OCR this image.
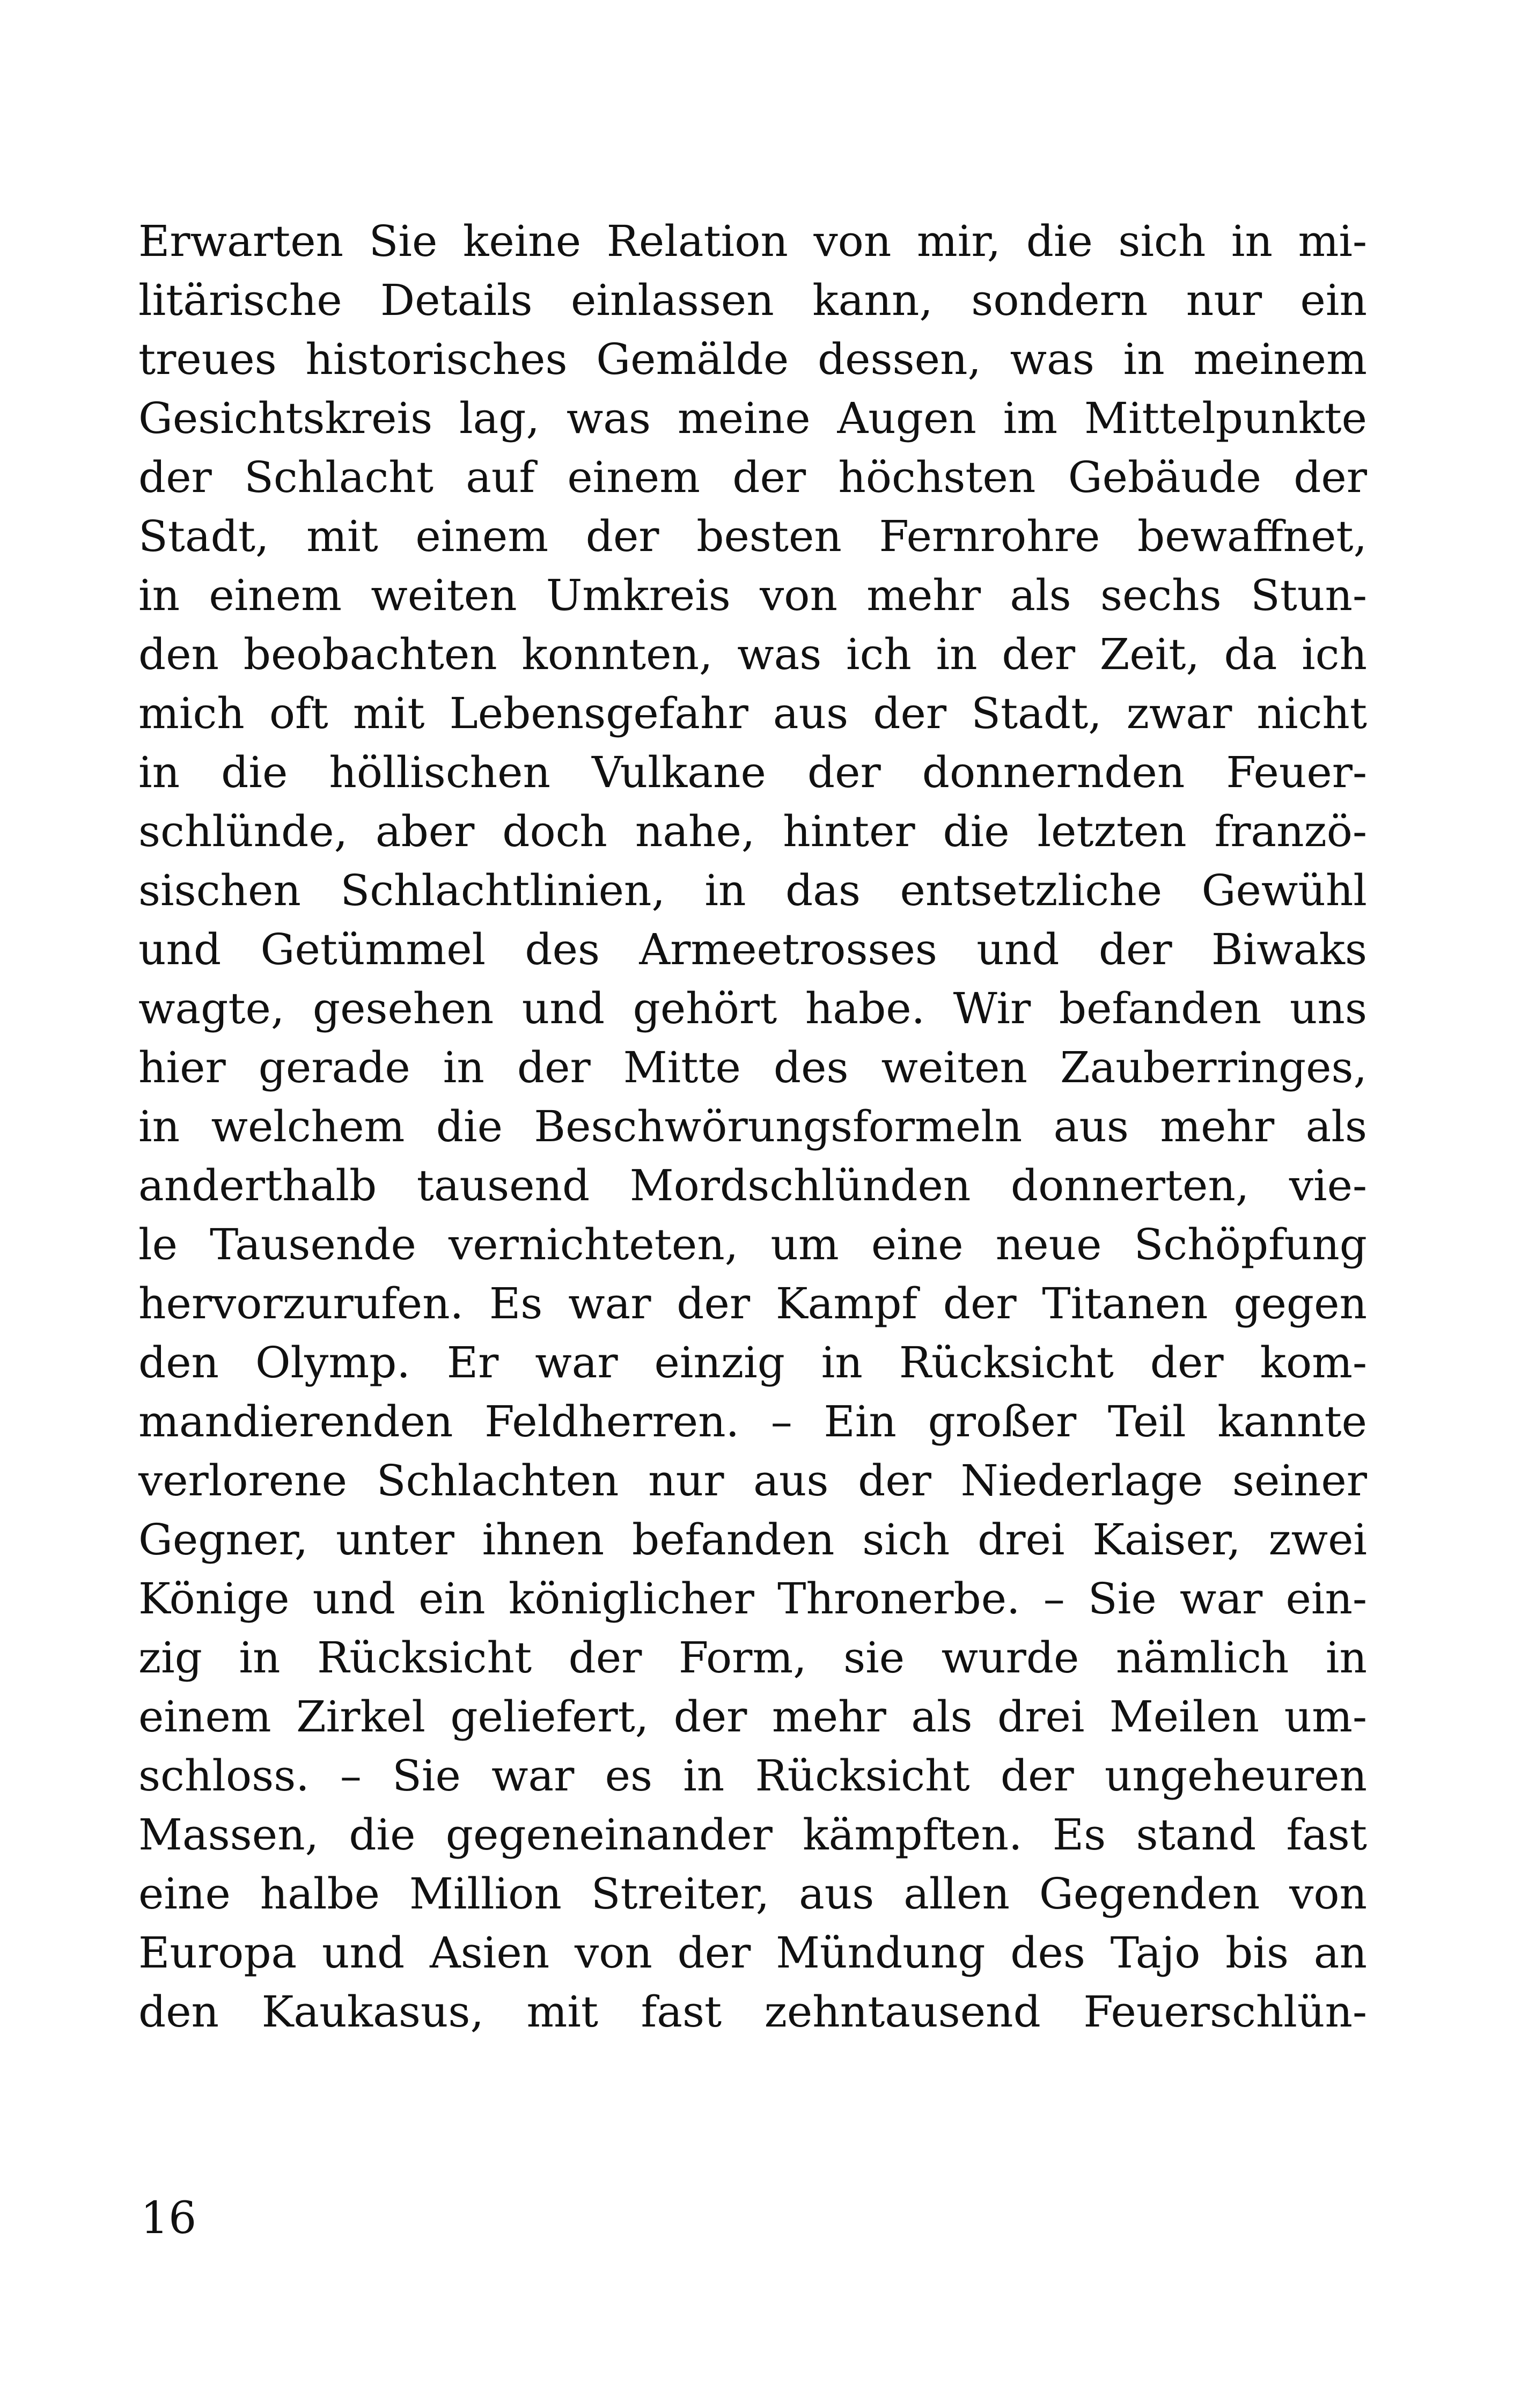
Erwarten Sie keine Relation von mir, die sich in mi-
litärische Details einlassen kann, sondern nur ein
treues historisches Gemälde dessen, was in meinem
Gesichtskreis lag, was meine Augen im Mittelpunkte
der Schlacht auf einem der höchsten Gebäude der
Stadt, mit einem der besten Fernrohre bewaffnet,
in einem weiten Umkreis von mehr als sechs Stun-
den beobachten konnten, was ich in der Zeit, da ich
mich oft mit Lebensgefahr aus der Stadt, zwar nicht
in die höllischen Vulkane der donnernden Feuer-
schlünde, aber doch nahe, hinter die letzten franzö-
sischen Schlachtlinien, in das entsetzliche Gewühl
und Getümmel des Armeetrosses und der Biwaks
wagte, gesehen und gehört habe. Wir befanden uns
hier gerade in der Mitte des weiten Zauberringes,
in welchem die Beschwörungsformeln aus mehr als
anderthalb tausend Mordschlünden donnerten, vie-
le Tausende vernichteten, um eine neue Schöpfung
hervorzurufen. Es war der Kampf der Titanen gegen
den Olymp. Er war einzig in Rücksicht der kom-
mandierenden Feldherren. – Ein großer Teil kannte
verlorene Schlachten nur aus der Niederlage seiner
Gegner, unter ihnen befanden sich drei Kaiser, zwei
Könige und ein königlicher Thronerbe. – Sie war ein-
zig in Rücksicht der Form, sie wurde nämlich in
einem Zirkel geliefert, der mehr als drei Meilen um-
schloss. – Sie war es in Rücksicht der ungeheuren
Massen, die gegeneinander kämpften. Es stand fast
eine halbe Million Streiter, aus allen Gegenden von
Europa und Asien von der Mündung des Tajo bis an
den Kaukasus, mit fast zehntausend Feuerschlün-
16
